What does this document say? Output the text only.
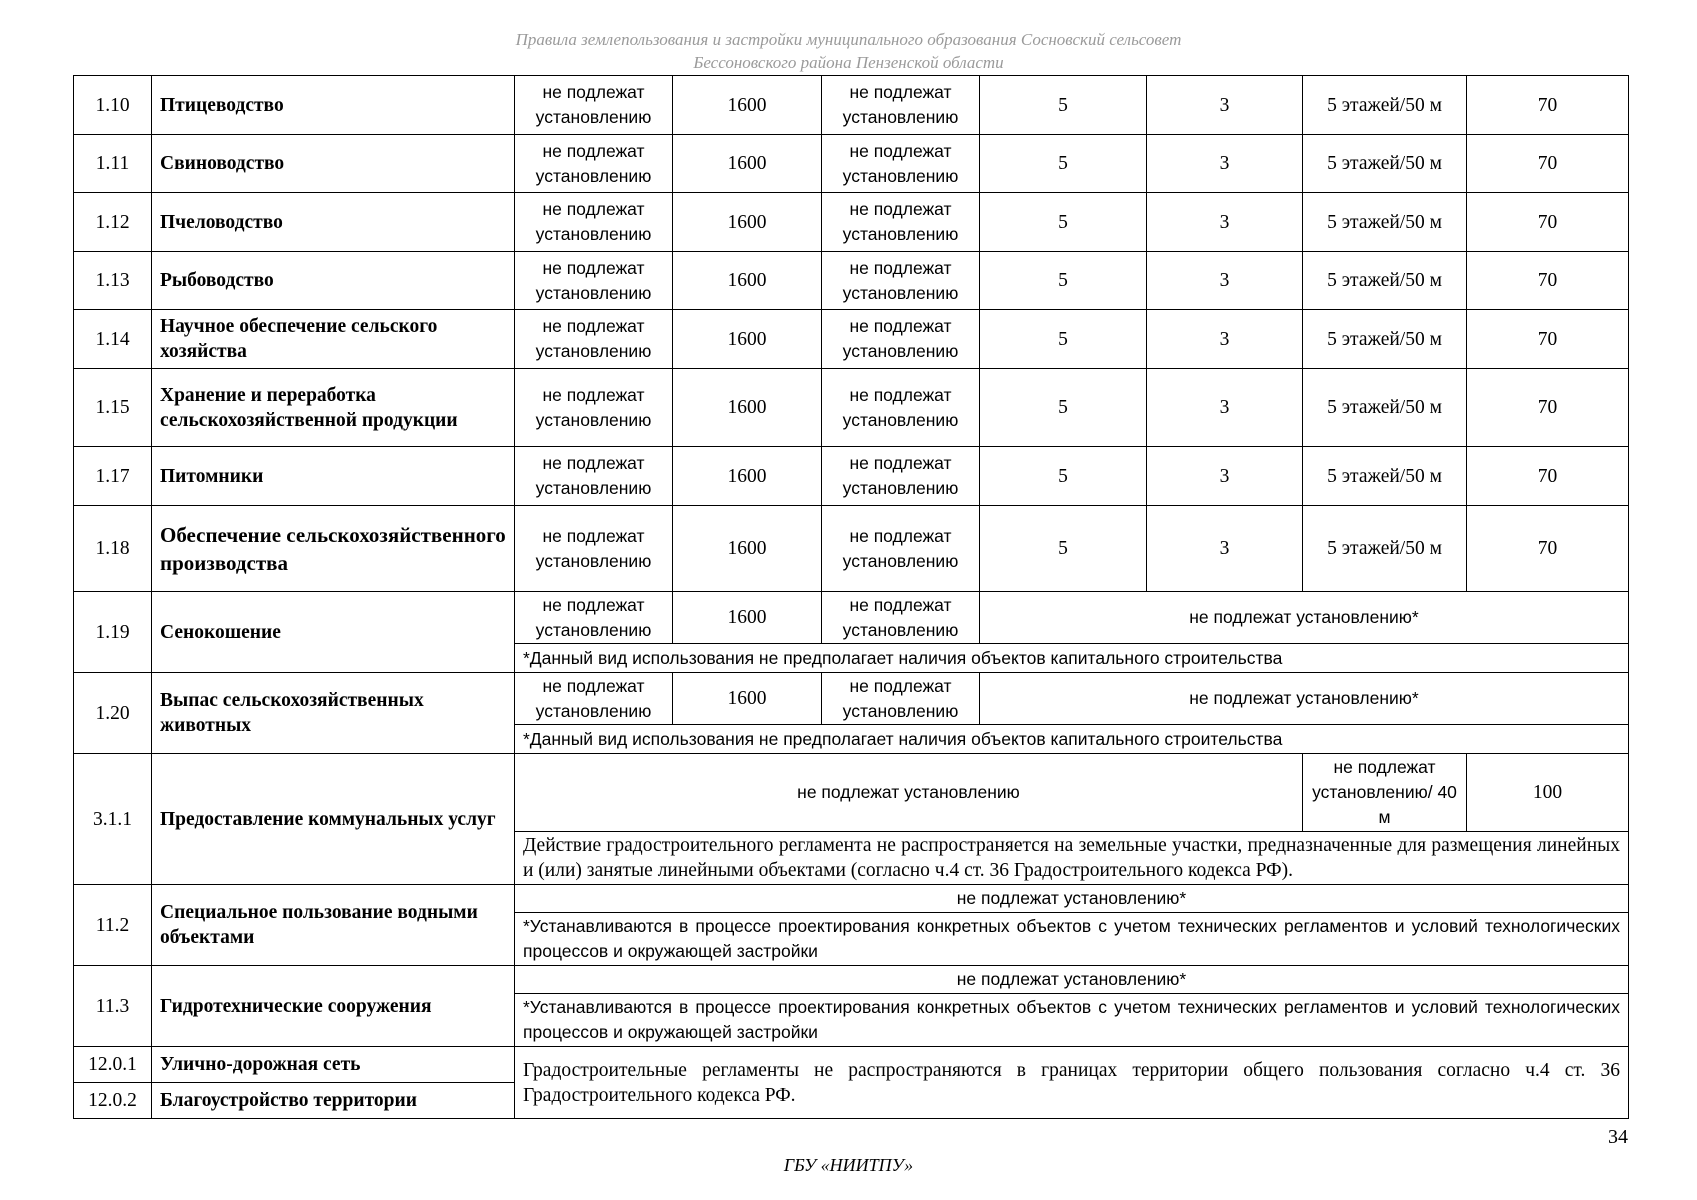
Правила землепользования и застройки муниципального образования Сосновский сельсовет
Бессоновского района Пензенской области
1.10	Птицеводство	не подлежат установлению	1600	не подлежат установлению	5	3	5 этажей/50 м	70
1.11	Свиноводство	не подлежат установлению	1600	не подлежат установлению	5	3	5 этажей/50 м	70
1.12	Пчеловодство	не подлежат установлению	1600	не подлежат установлению	5	3	5 этажей/50 м	70
1.13	Рыбоводство	не подлежат установлению	1600	не подлежат установлению	5	3	5 этажей/50 м	70
1.14	Научное обеспечение сельского хозяйства	не подлежат установлению	1600	не подлежат установлению	5	3	5 этажей/50 м	70
1.15	Хранение и переработка сельскохозяйственной продукции	не подлежат установлению	1600	не подлежат установлению	5	3	5 этажей/50 м	70
1.17	Питомники	не подлежат установлению	1600	не подлежат установлению	5	3	5 этажей/50 м	70
1.18	Обеспечение сельскохозяйственного производства	не подлежат установлению	1600	не подлежат установлению	5	3	5 этажей/50 м	70
1.19	Сенокошение	не подлежат установлению	1600	не подлежат установлению	не подлежат установлению*			
		*Данный вид использования не предполагает наличия объектов капитального строительства						
1.20	Выпас сельскохозяйственных животных	не подлежат установлению	1600	не подлежат установлению	не подлежат установлению*			
		*Данный вид использования не предполагает наличия объектов капитального строительства						
3.1.1	Предоставление коммунальных услуг	не подлежат установлению					не подлежат установлению/ 40 м	100
		Действие градостроительного регламента не распространяется на земельные участки, предназначенные для размещения линейных и (или) занятые линейными объектами (согласно ч.4 ст. 36 Градостроительного кодекса РФ).						
11.2	Специальное пользование водными объектами	не подлежат установлению*						
		*Устанавливаются в процессе проектирования конкретных объектов с учетом технических регламентов и условий технологических процессов и окружающей застройки						
11.3	Гидротехнические сооружения	не подлежат установлению*						
		*Устанавливаются в процессе проектирования конкретных объектов с учетом технических регламентов и условий технологических процессов и окружающей застройки						
12.0.1	Улично-дорожная сеть	Градостроительные регламенты не распространяются в границах территории общего пользования согласно ч.4 ст. 36 Градостроительного кодекса РФ.						
12.0.2	Благоустройство территории							
34
ГБУ «НИИТПУ»
